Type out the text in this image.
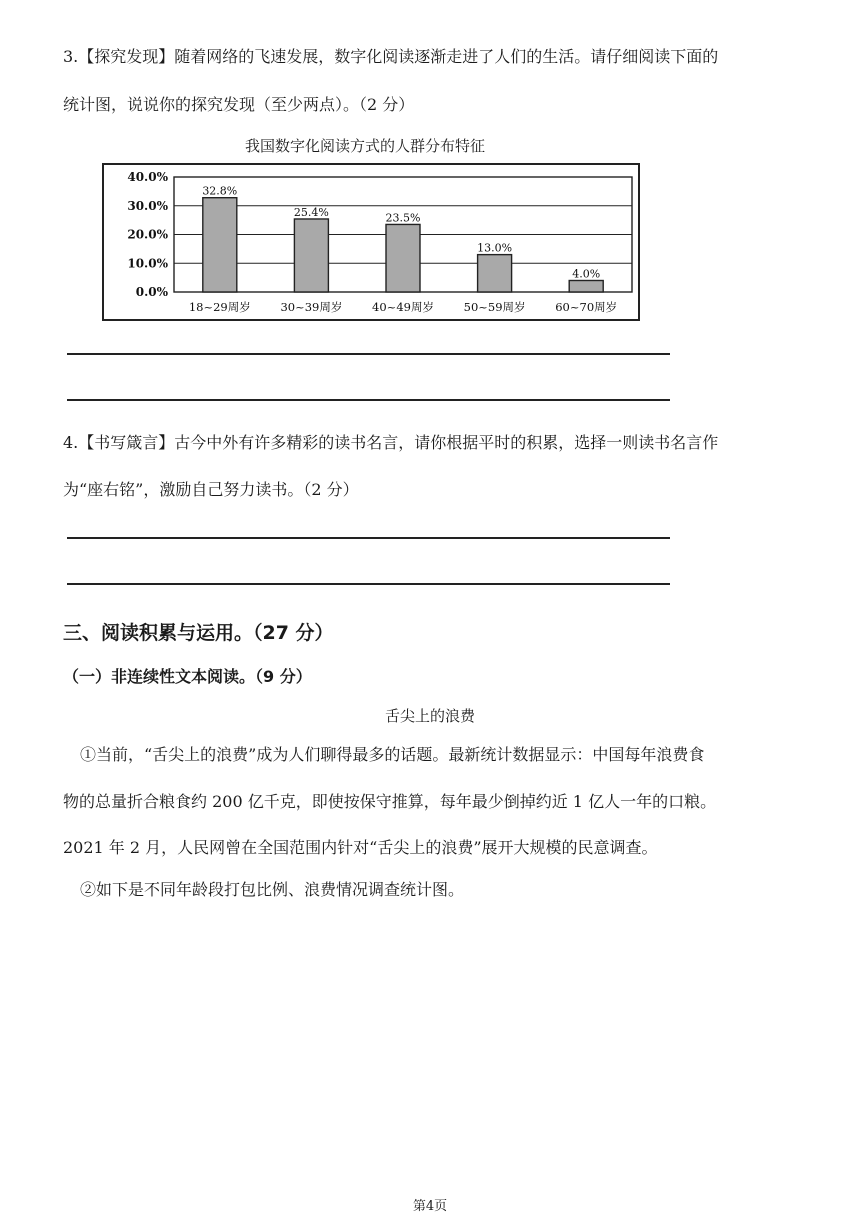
3.【探究发现】随着网络的飞速发展，数字化阅读逐渐走进了人们的生活。请仔细阅读下面的
统计图，说说你的探究发现（至少两点）。（2 分）
我国数字化阅读方式的人群分布特征
0.0%
10.0%
20.0%
30.0%
40.0%
32.8%
18~29周岁
25.4%
30~39周岁
23.5%
40~49周岁
13.0%
50~59周岁
4.0%
60~70周岁
4.【书写箴言】古今中外有许多精彩的读书名言，请你根据平时的积累，选择一则读书名言作
为“座右铭”，激励自己努力读书。（2 分）
三、阅读积累与运用。（27 分）
（一）非连续性文本阅读。（9 分）
舌尖上的浪费
①当前，“舌尖上的浪费”成为人们聊得最多的话题。最新统计数据显示：中国每年浪费食
物的总量折合粮食约 200 亿千克，即使按保守推算，每年最少倒掉约近 1 亿人一年的口粮。
2021 年 2 月，人民网曾在全国范围内针对“舌尖上的浪费”展开大规模的民意调查。
②如下是不同年龄段打包比例、浪费情况调查统计图。
第4页
